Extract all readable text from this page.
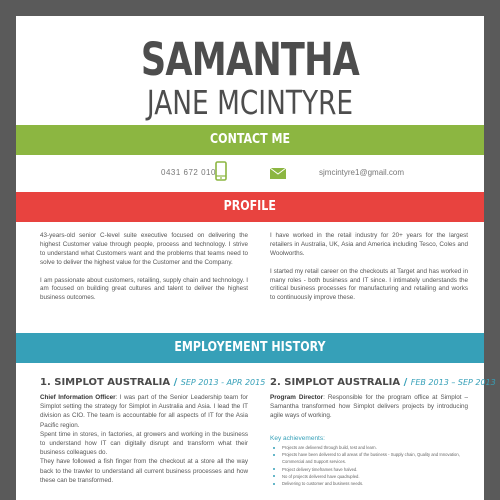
SAMANTHA
JANE MCINTYRE
CONTACT ME
0431 672 010	sjmcintyre1@gmail.com
PROFILE

43-years-old senior C-level suite executive focused on delivering the highest Customer value through people, process and technology. I strive to understand what Customers want and the problems that teams need to solve to deliver the highest value for the Customer and the Company.

I am passionate about customers, retailing, supply chain and technology. I am focused on building great cultures and talent to deliver the highest business outcomes.

I have worked in the retail industry for 20+ years for the largest retailers in Australia, UK, Asia and America including Tesco, Coles and Woolworths.

I started my retail career on the checkouts at Target and has worked in many roles - both business and IT since. I intimately understands the critical business processes for manufacturing and retailing and works to continuously improve these.

EMPLOYEMENT HISTORY
1. SIMPLOT AUSTRALIA / SEP 2013 - APR 2015
Chief Information Officer: I was part of the Senior Leadership team for Simplot setting the strategy for Simplot in Australia and Asia. I lead the IT division as CIO. The team is accountable for all aspects of IT for the Asia Pacific region.
Spent time in stores, in factories, at growers and working in the business to understand how IT can digitally disrupt and transform what their business colleagues do.
They have followed a fish finger from the checkout at a store all the way back to the trawler to understand all current business processes and how these can be transformed.
2. SIMPLOT AUSTRALIA / FEB 2013 – SEP 2013
Program Director: Responsible for the program office at Simplot – Samantha transformed how Simplot delivers projects by introducing agile ways of working.
Key achievements:
Projects are delivered through build, test and learn.
Projects have been delivered to all areas of the business - Supply chain, Quality and Innovation, Commercial and Support services.
Project delivery timeframes have halved.
No of projects delivered have quadrupled.
Delivering to customer and business needs.
